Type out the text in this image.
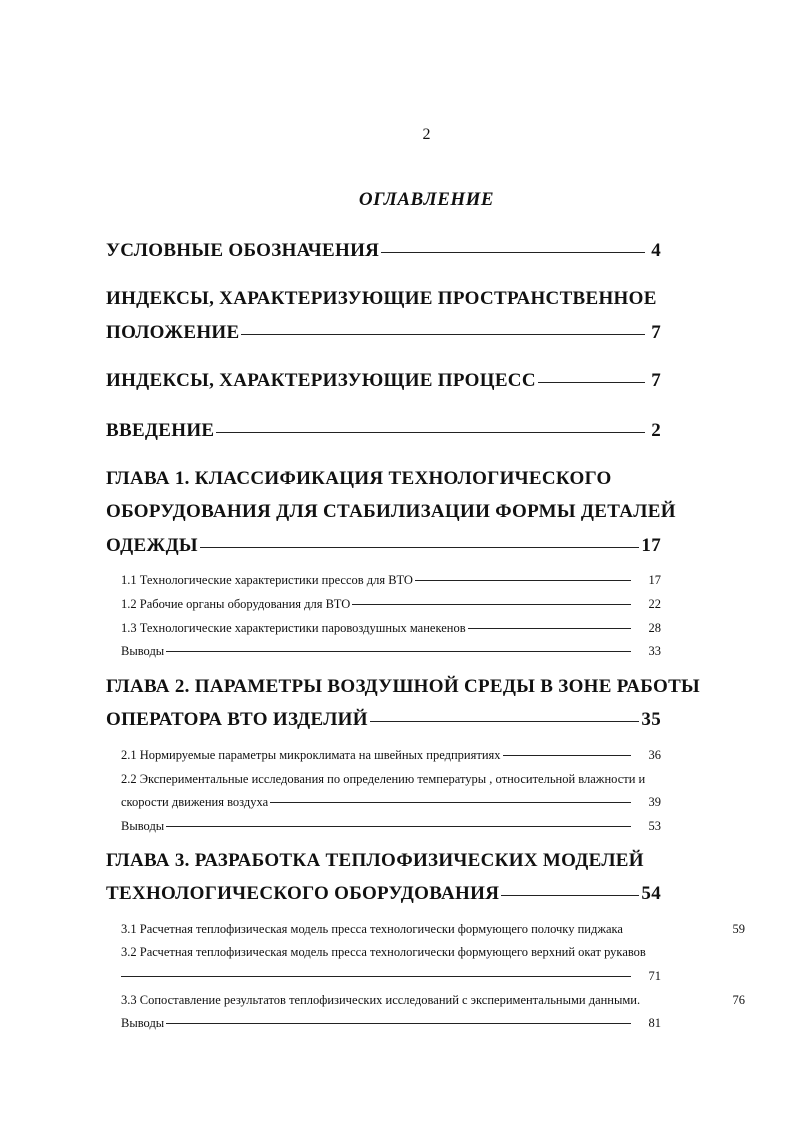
2
ОГЛАВЛЕНИЕ
УСЛОВНЫЕ ОБОЗНАЧЕНИЯ	4
ИНДЕКСЫ, ХАРАКТЕРИЗУЮЩИЕ ПРОСТРАНСТВЕННОЕ
ПОЛОЖЕНИЕ	7
ИНДЕКСЫ, ХАРАКТЕРИЗУЮЩИЕ ПРОЦЕСС	7
ВВЕДЕНИЕ	2
ГЛАВА 1. КЛАССИФИКАЦИЯ ТЕХНОЛОГИЧЕСКОГО
ОБОРУДОВАНИЯ ДЛЯ СТАБИЛИЗАЦИИ ФОРМЫ ДЕТАЛЕЙ
ОДЕЖДЫ	17
1.1 Технологические характеристики прессов для ВТО	17
1.2 Рабочие органы оборудования для ВТО	22
1.3 Технологические характеристики паровоздушных манекенов	28
Выводы	33
ГЛАВА 2. ПАРАМЕТРЫ ВОЗДУШНОЙ СРЕДЫ В ЗОНЕ РАБОТЫ
ОПЕРАТОРА ВТО ИЗДЕЛИЙ	35
2.1 Нормируемые параметры микроклимата на швейных предприятиях	36
2.2 Экспериментальные исследования по определению температуры , относительной влажности и
скорости движения воздуха	39
Выводы	53
ГЛАВА 3. РАЗРАБОТКА ТЕПЛОФИЗИЧЕСКИХ МОДЕЛЕЙ
ТЕХНОЛОГИЧЕСКОГО ОБОРУДОВАНИЯ	54
3.1 Расчетная теплофизическая модель пресса технологически формующего полочку пиджака	59
3.2 Расчетная теплофизическая модель пресса технологически формующего верхний окат рукавов
71
3.3 Сопоставление результатов теплофизических исследований с экспериментальными данными.	76
Выводы	81
